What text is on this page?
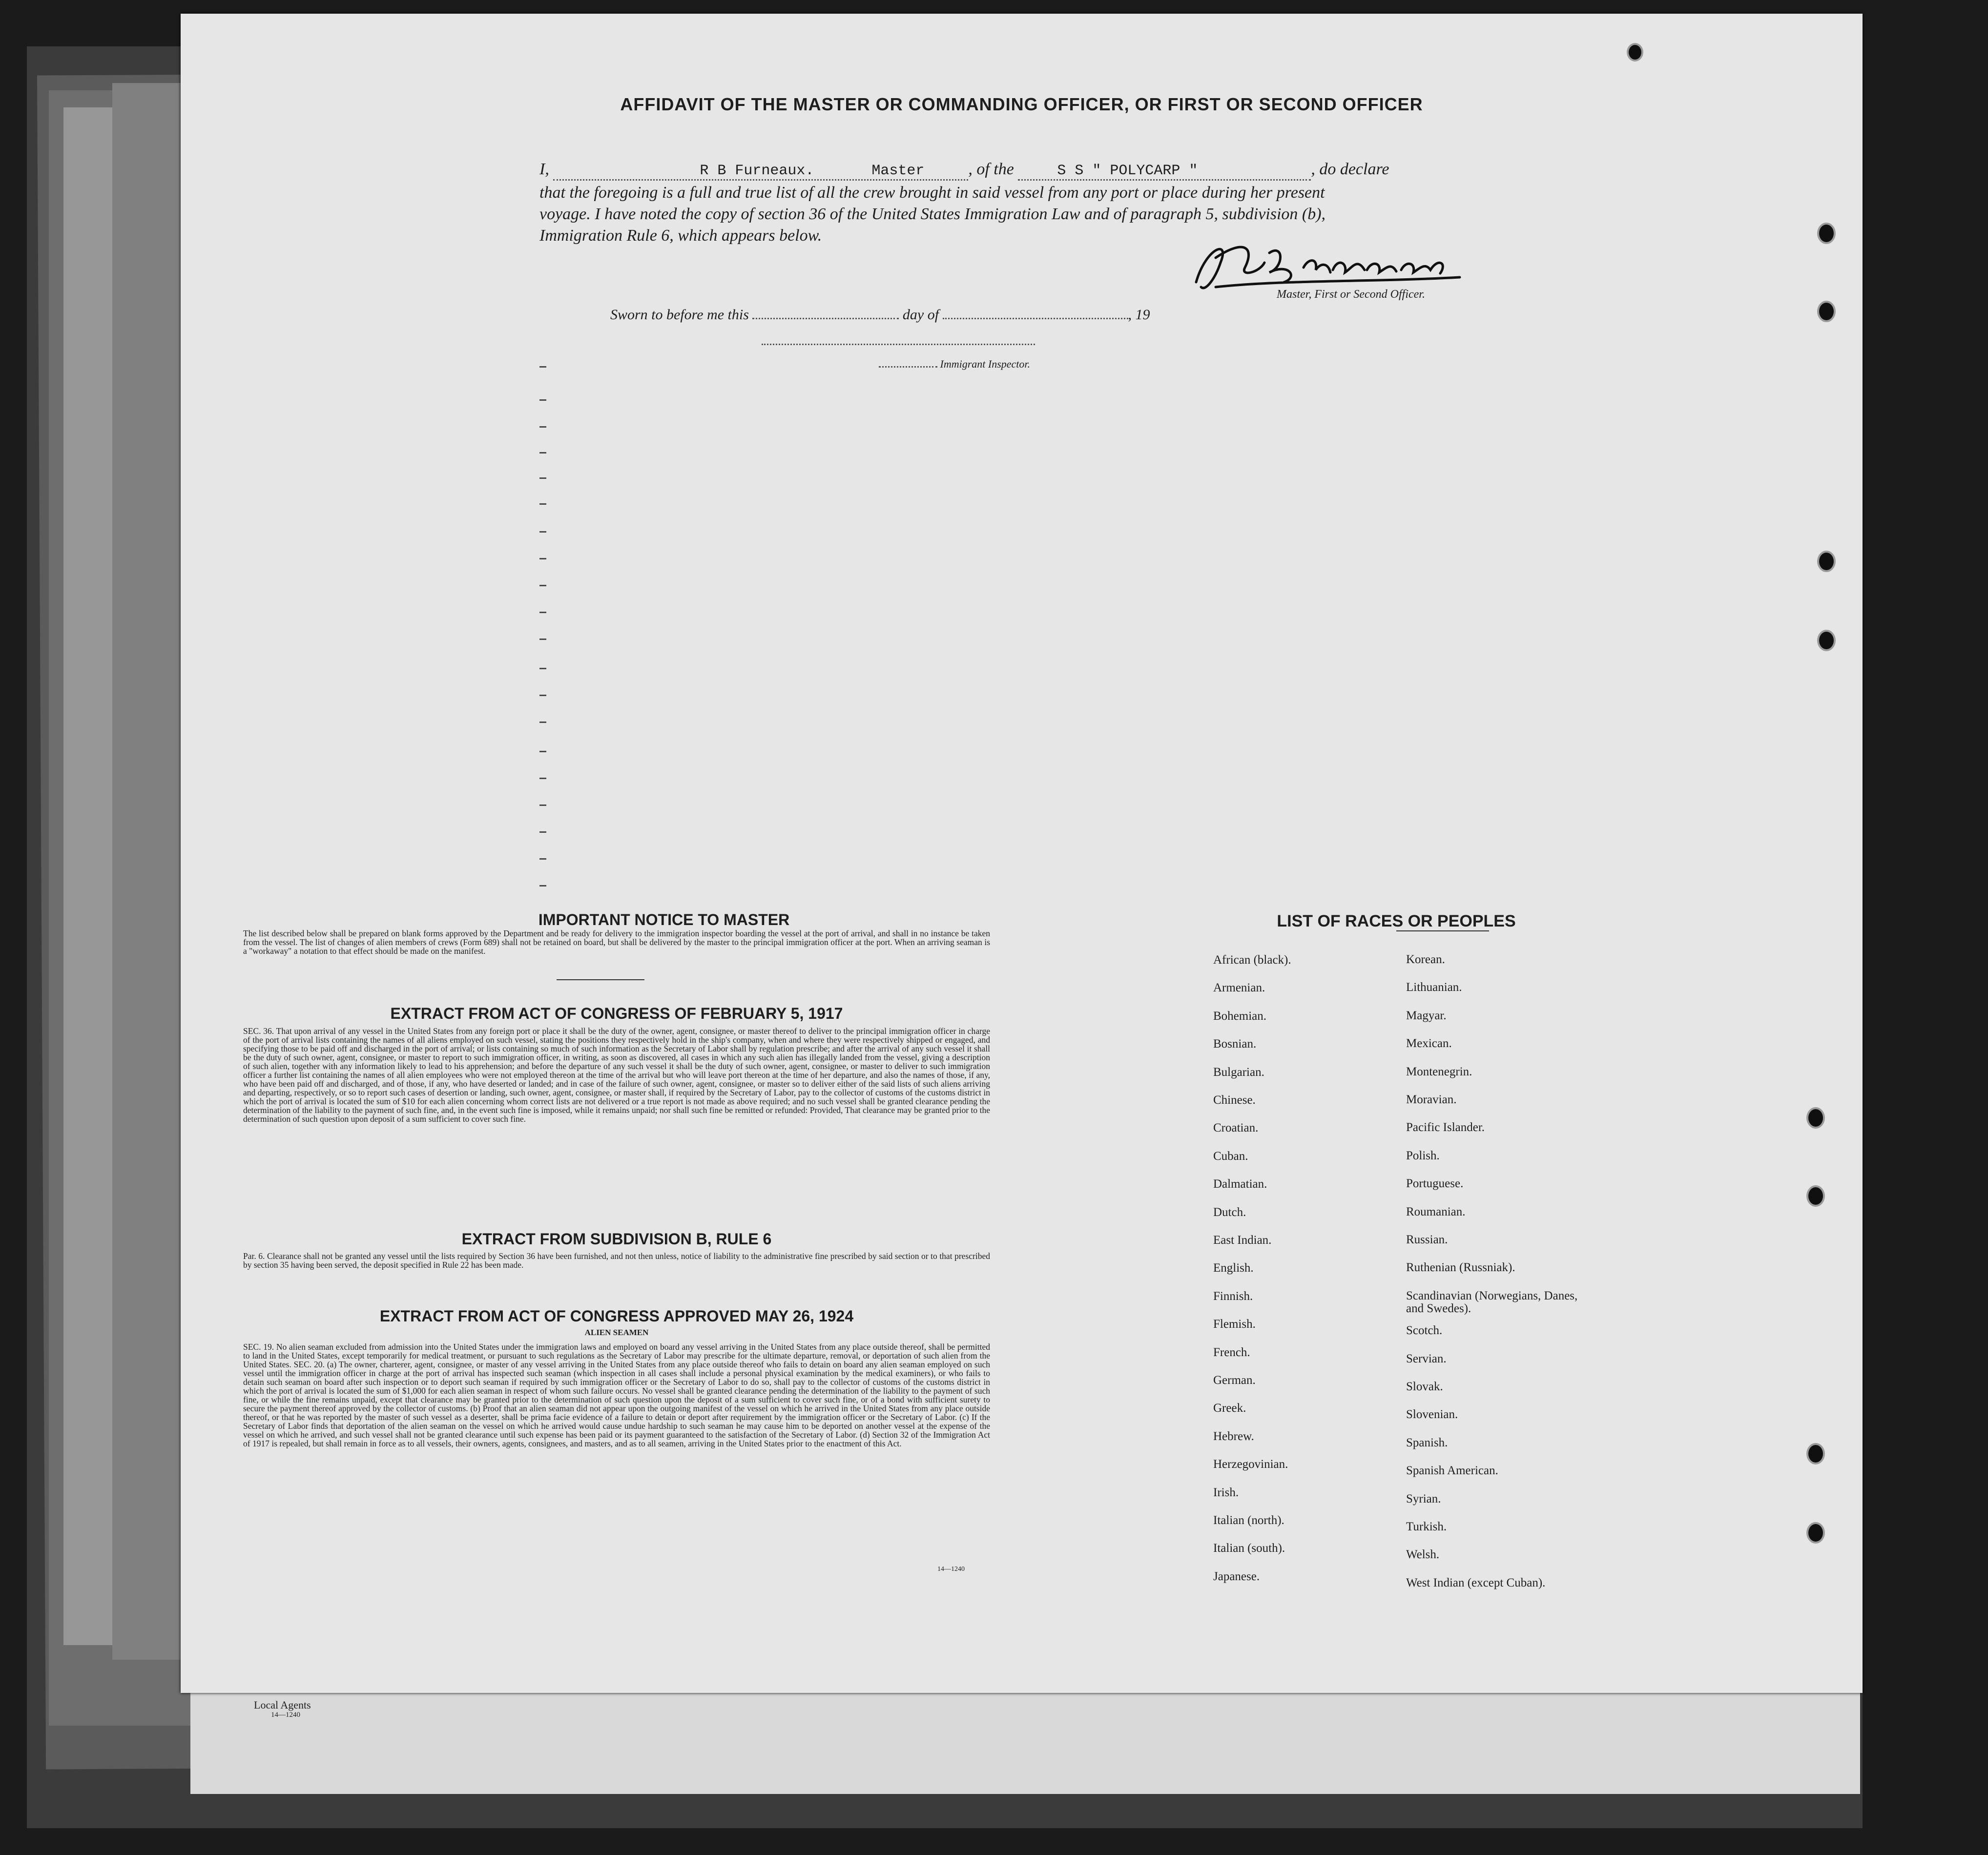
Local Agents
14—1240
AFFIDAVIT OF THE MASTER OR COMMANDING OFFICER, OR FIRST OR SECOND OFFICER
I,	R B Furneaux.	Master	, of the	S S " POLYCARP "	, do declare
that the foregoing is a full and true list of all the crew brought in said vessel from any port or place during her present
voyage. I have noted the copy of section 36 of the United States Immigration Law and of paragraph 5, subdivision (b),
Immigration Rule 6, which appears below.	R B Furneaux
Master, First or Second Officer.
Sworn to before me this	day of	, 19
Immigrant Inspector.
IMPORTANT NOTICE TO MASTER
The list described below shall be prepared on blank forms approved by the Department and be ready for delivery to the immigration inspector boarding the vessel at the port of arrival, and shall in no instance be taken from the vessel. The list of changes of alien members of crews (Form 689) shall not be retained on board, but shall be delivered by the master to the principal immigration officer at the port. When an arriving seaman is a "workaway" a notation to that effect should be made on the manifest.
EXTRACT FROM ACT OF CONGRESS OF FEBRUARY 5, 1917
SEC. 36. That upon arrival of any vessel in the United States from any foreign port or place it shall be the duty of the owner, agent, consignee, or master thereof to deliver to the principal immigration officer in charge of the port of arrival lists containing the names of all aliens employed on such vessel, stating the positions they respectively hold in the ship's company, when and where they were respectively shipped or engaged, and specifying those to be paid off and discharged in the port of arrival; or lists containing so much of such information as the Secretary of Labor shall by regulation prescribe; and after the arrival of any such vessel it shall be the duty of such owner, agent, consignee, or master to report to such immigration officer, in writing, as soon as discovered, all cases in which any such alien has illegally landed from the vessel, giving a description of such alien, together with any information likely to lead to his apprehension; and before the departure of any such vessel it shall be the duty of such owner, agent, consignee, or master to deliver to such immigration officer a further list containing the names of all alien employees who were not employed thereon at the time of the arrival but who will leave port thereon at the time of her departure, and also the names of those, if any, who have been paid off and discharged, and of those, if any, who have deserted or landed; and in case of the failure of such owner, agent, consignee, or master so to deliver either of the said lists of such aliens arriving and departing, respectively, or so to report such cases of desertion or landing, such owner, agent, consignee, or master shall, if required by the Secretary of Labor, pay to the collector of customs of the customs district in which the port of arrival is located the sum of $10 for each alien concerning whom correct lists are not delivered or a true report is not made as above required; and no such vessel shall be granted clearance pending the determination of the liability to the payment of such fine, and, in the event such fine is imposed, while it remains unpaid; nor shall such fine be remitted or refunded: Provided, That clearance may be granted prior to the determination of such question upon deposit of a sum sufficient to cover such fine.
EXTRACT FROM SUBDIVISION B, RULE 6
Par. 6. Clearance shall not be granted any vessel until the lists required by Section 36 have been furnished, and not then unless, notice of liability to the administrative fine prescribed by said section or to that prescribed by section 35 having been served, the deposit specified in Rule 22 has been made.
EXTRACT FROM ACT OF CONGRESS APPROVED MAY 26, 1924
ALIEN SEAMEN
SEC. 19. No alien seaman excluded from admission into the United States under the immigration laws and employed on board any vessel arriving in the United States from any place outside thereof, shall be permitted to land in the United States, except temporarily for medical treatment, or pursuant to such regulations as the Secretary of Labor may prescribe for the ultimate departure, removal, or deportation of such alien from the United States. SEC. 20. (a) The owner, charterer, agent, consignee, or master of any vessel arriving in the United States from any place outside thereof who fails to detain on board any alien seaman employed on such vessel until the immigration officer in charge at the port of arrival has inspected such seaman (which inspection in all cases shall include a personal physical examination by the medical examiners), or who fails to detain such seaman on board after such inspection or to deport such seaman if required by such immigration officer or the Secretary of Labor to do so, shall pay to the collector of customs of the customs district in which the port of arrival is located the sum of $1,000 for each alien seaman in respect of whom such failure occurs. No vessel shall be granted clearance pending the determination of the liability to the payment of such fine, or while the fine remains unpaid, except that clearance may be granted prior to the determination of such question upon the deposit of a sum sufficient to cover such fine, or of a bond with sufficient surety to secure the payment thereof approved by the collector of customs. (b) Proof that an alien seaman did not appear upon the outgoing manifest of the vessel on which he arrived in the United States from any place outside thereof, or that he was reported by the master of such vessel as a deserter, shall be prima facie evidence of a failure to detain or deport after requirement by the immigration officer or the Secretary of Labor. (c) If the Secretary of Labor finds that deportation of the alien seaman on the vessel on which he arrived would cause undue hardship to such seaman he may cause him to be deported on another vessel at the expense of the vessel on which he arrived, and such vessel shall not be granted clearance until such expense has been paid or its payment guaranteed to the satisfaction of the Secretary of Labor. (d) Section 32 of the Immigration Act of 1917 is repealed, but shall remain in force as to all vessels, their owners, agents, consignees, and masters, and as to all seamen, arriving in the United States prior to the enactment of this Act.
14—1240
LIST OF RACES OR PEOPLES
African (black).
Armenian.
Bohemian.
Bosnian.
Bulgarian.
Chinese.
Croatian.
Cuban.
Dalmatian.
Dutch.
East Indian.
English.
Finnish.
Flemish.
French.
German.
Greek.
Hebrew.
Herzegovinian.
Irish.
Italian (north).
Italian (south).
Japanese.
Korean.
Lithuanian.
Magyar.
Mexican.
Montenegrin.
Moravian.
Pacific Islander.
Polish.
Portuguese.
Roumanian.
Russian.
Ruthenian (Russniak).
Scandinavian (Norwegians, Danes, and Swedes).
Scotch.
Servian.
Slovak.
Slovenian.
Spanish.
Spanish American.
Syrian.
Turkish.
Welsh.
West Indian (except Cuban).
